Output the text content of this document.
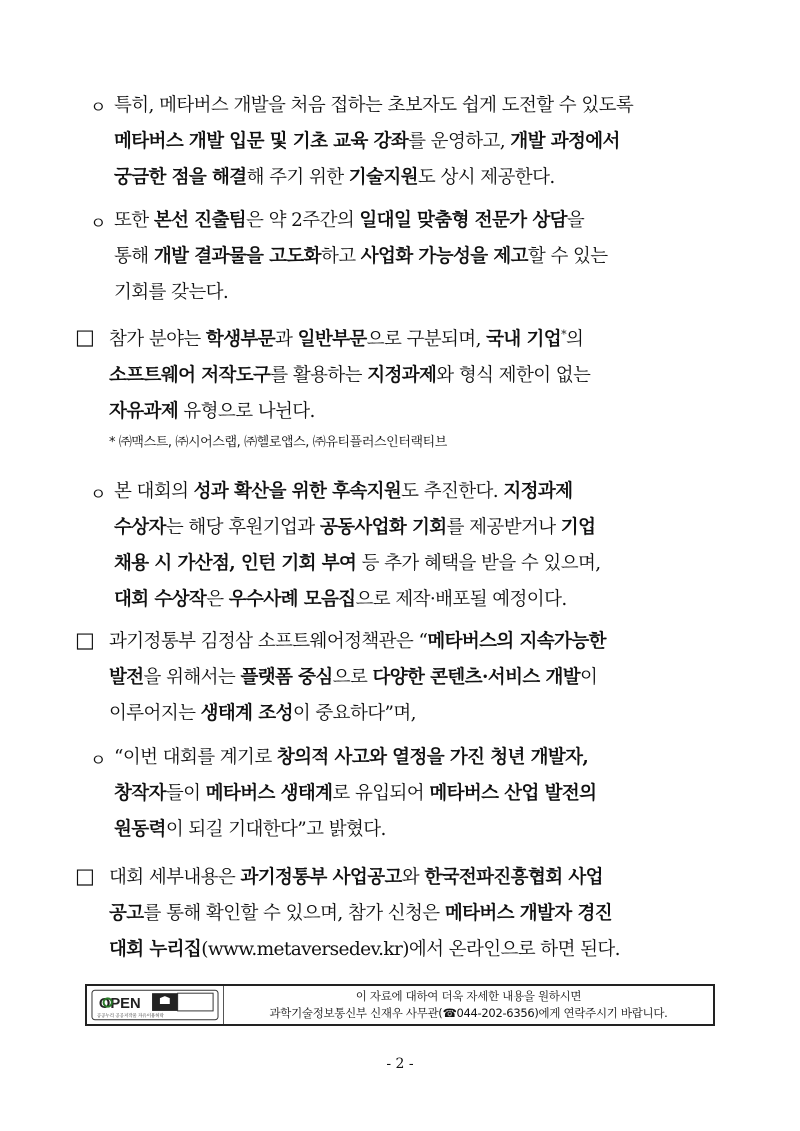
ㅇ 특히, 메타버스 개발을 처음 접하는 초보자도 쉽게 도전할 수 있도록
메타버스 개발 입문 및 기초 교육 강좌를 운영하고, 개발 과정에서
궁금한 점을 해결해 주기 위한 기술지원도 상시 제공한다.
ㅇ 또한 본선 진출팀은 약 2주간의 일대일 맞춤형 전문가 상담을
통해 개발 결과물을 고도화하고 사업화 가능성을 제고할 수 있는
기회를 갖는다.
□ 참가 분야는 학생부문과 일반부문으로 구분되며, 국내 기업*의
소프트웨어 저작도구를 활용하는 지정과제와 형식 제한이 없는
자유과제 유형으로 나뉜다.
* ㈜맥스트, ㈜시어스랩, ㈜헬로앱스, ㈜유티플러스인터랙티브
ㅇ 본 대회의 성과 확산을 위한 후속지원도 추진한다. 지정과제
수상자는 해당 후원기업과 공동사업화 기회를 제공받거나 기업
채용 시 가산점, 인턴 기회 부여 등 추가 혜택을 받을 수 있으며,
대회 수상작은 우수사례 모음집으로 제작·배포될 예정이다.
□ 과기정통부 김정삼 소프트웨어정책관은 “메타버스의 지속가능한
발전을 위해서는 플랫폼 중심으로 다양한 콘텐츠·서비스 개발이
이루어지는 생태계 조성이 중요하다”며,
ㅇ “이번 대회를 계기로 창의적 사고와 열정을 가진 청년 개발자,
창작자들이 메타버스 생태계로 유입되어 메타버스 산업 발전의
원동력이 되길 기대한다”고 밝혔다.
□ 대회 세부내용은 과기정통부 사업공고와 한국전파진흥협회 사업
공고를 통해 확인할 수 있으며, 참가 신청은 메타버스 개발자 경진
대회 누리집(www.metaversedev.kr)에서 온라인으로 하면 된다.
OPEN
공공누리 공공저작물 자유이용허락
이 자료에 대하여 더욱 자세한 내용을 원하시면
과학기술정보통신부 신재우 사무관(☎044-202-6356)에게 연락주시기 바랍니다.
- 2 -
